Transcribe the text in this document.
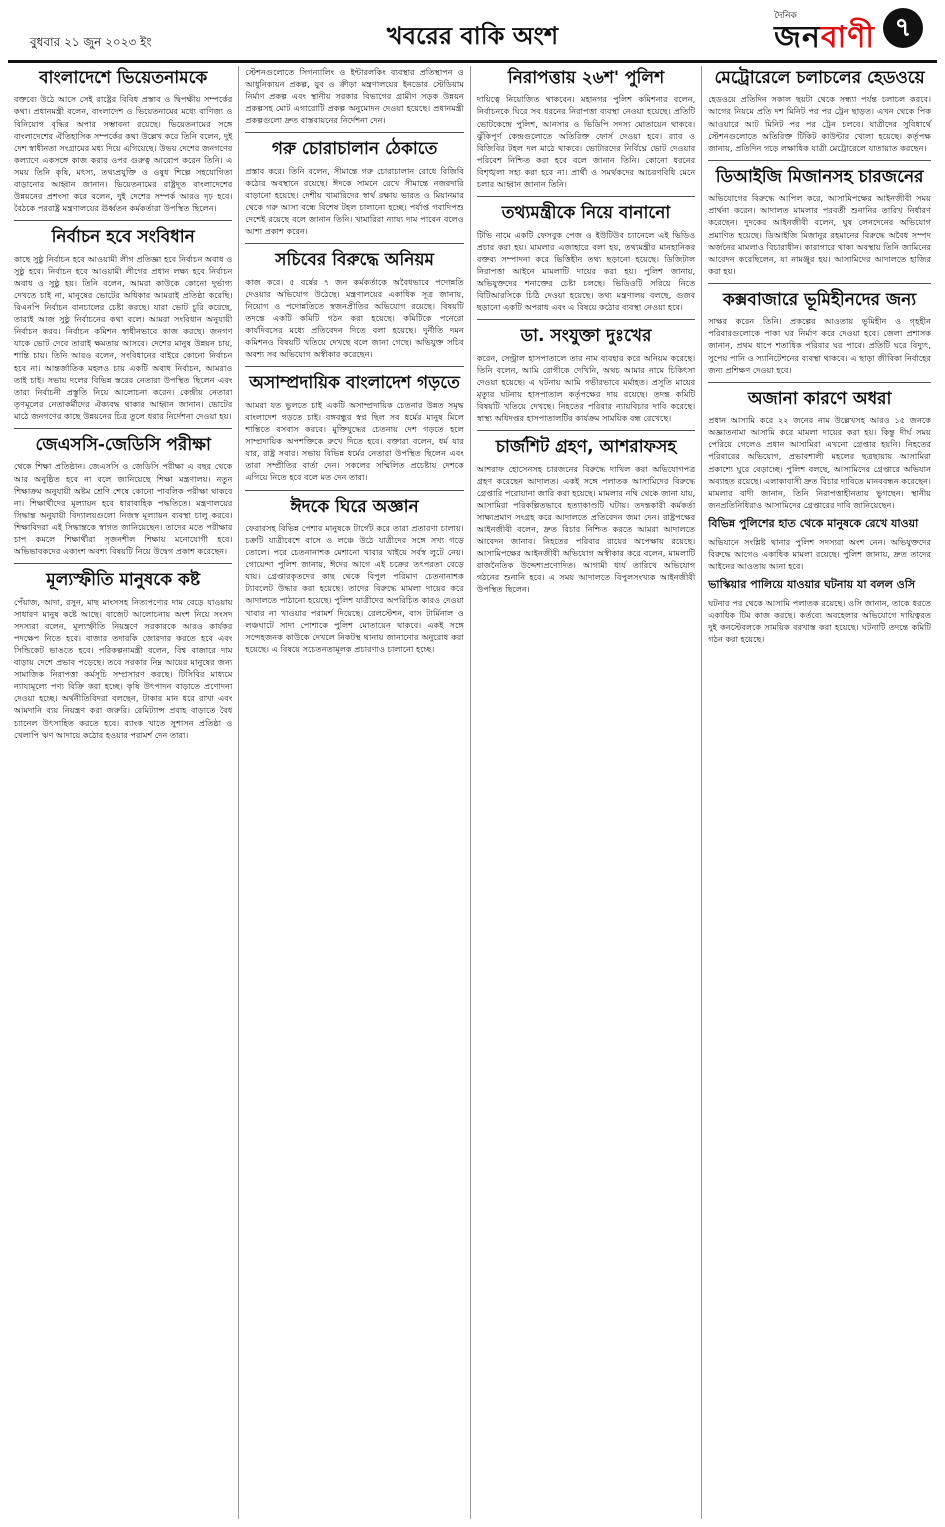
বুধবার ২১ জুন ২০২৩ ইং	খবরের বাকি অংশ
দৈনিক
জনবাণী ৭
বাংলাদেশে ভিয়েতনামকে

বক্তব্যে উঠে আসে সেই রাষ্ট্রের বিবিধ প্রস্তাব ও দ্বিপক্ষীয় সম্পর্কের কথা। প্রধানমন্ত্রী বলেন, বাংলাদেশ ও ভিয়েতনামের মধ্যে বাণিজ্য ও বিনিয়োগ বৃদ্ধির অপার সম্ভাবনা রয়েছে। ভিয়েতনামের সঙ্গে বাংলাদেশের ঐতিহাসিক সম্পর্কের কথা উল্লেখ করে তিনি বলেন, দুই দেশ স্বাধীনতা সংগ্রামের মধ্য দিয়ে এগিয়েছে। উভয় দেশের জনগণের কল্যাণে একসঙ্গে কাজ করার ওপর গুরুত্ব আরোপ করেন তিনি। এ সময় তিনি কৃষি, মৎস্য, তথ্যপ্রযুক্তি ও ওষুধ শিল্পে সহযোগিতা বাড়ানোর আহ্বান জানান। ভিয়েতনামের রাষ্ট্রদূত বাংলাদেশের উন্নয়নের প্রশংসা করে বলেন, দুই দেশের সম্পর্ক আরও দৃঢ় হবে। বৈঠকে পররাষ্ট্র মন্ত্রণালয়ের ঊর্ধ্বতন কর্মকর্তারা উপস্থিত ছিলেন।

নির্বাচন হবে সংবিধান

কাছে সুষ্ঠু নির্বাচন হবে আওয়ামী লীগ প্রতিজ্ঞা হবে নির্বাচন অবাধ ও সুষ্ঠু হবে। নির্বাচন হবে আওয়ামী লীগের প্রধান লক্ষ্য হবে নির্বাচন অবাধ ও সুষ্ঠু হয়। তিনি বলেন, আমরা কাউকে কোনো দুর্ভাগ্য দেখতে চাই না, মানুষের ভোটের অধিকার আমরাই প্রতিষ্ঠা করেছি। বিএনপি নির্বাচন বানচালের চেষ্টা করছে। যারা ভোট চুরি করেছে, তারাই আজ সুষ্ঠু নির্বাচনের কথা বলে। আমরা সংবিধান অনুযায়ী নির্বাচন করব। নির্বাচন কমিশন স্বাধীনভাবে কাজ করছে। জনগণ যাকে ভোট দেবে তারাই ক্ষমতায় আসবে। দেশের মানুষ উন্নয়ন চায়, শান্তি চায়। তিনি আরও বলেন, সংবিধানের বাইরে কোনো নির্বাচন হবে না। আন্তর্জাতিক মহলও চায় একটি অবাধ নির্বাচন, আমরাও তাই চাই। সভায় দলের বিভিন্ন স্তরের নেতারা উপস্থিত ছিলেন এবং তারা নির্বাচনী প্রস্তুতি নিয়ে আলোচনা করেন। কেন্দ্রীয় নেতারা তৃণমূলের নেতাকর্মীদের ঐক্যবদ্ধ থাকার আহ্বান জানান। ভোটের মাঠে জনগণের কাছে উন্নয়নের চিত্র তুলে ধরার নির্দেশনা দেওয়া হয়।

জেএসসি-জেডিসি পরীক্ষা

থেকে শিক্ষা প্রতিষ্ঠান। জেএসসি ও জেডিসি পরীক্ষা এ বছর থেকে আর অনুষ্ঠিত হবে না বলে জানিয়েছে শিক্ষা মন্ত্রণালয়। নতুন শিক্ষাক্রম অনুযায়ী অষ্টম শ্রেণি শেষে কোনো পাবলিক পরীক্ষা থাকবে না। শিক্ষার্থীদের মূল্যায়ন হবে ধারাবাহিক পদ্ধতিতে। মন্ত্রণালয়ের সিদ্ধান্ত অনুযায়ী বিদ্যালয়গুলো নিজস্ব মূল্যায়ন ব্যবস্থা চালু করবে। শিক্ষাবিদরা এই সিদ্ধান্তকে স্বাগত জানিয়েছেন। তাদের মতে পরীক্ষার চাপ কমলে শিক্ষার্থীরা সৃজনশীল শিক্ষায় মনোযোগী হবে। অভিভাবকদের একাংশ অবশ্য বিষয়টি নিয়ে উদ্বেগ প্রকাশ করেছেন।

মূল্যস্ফীতি মানুষকে কষ্ট

পেঁয়াজ, আদা, রসুন, মাছ মাংসসহ নিত্যপণ্যের দাম বেড়ে যাওয়ায় সাধারণ মানুষ কষ্টে আছে। বাজেট আলোচনায় অংশ নিয়ে সংসদ সদস্যরা বলেন, মূল্যস্ফীতি নিয়ন্ত্রণে সরকারকে আরও কার্যকর পদক্ষেপ নিতে হবে। বাজার তদারকি জোরদার করতে হবে এবং সিন্ডিকেট ভাঙতে হবে। পরিকল্পনামন্ত্রী বলেন, বিশ্ব বাজারে দাম বাড়ায় দেশে প্রভাব পড়েছে। তবে সরকার নিম্ন আয়ের মানুষের জন্য সামাজিক নিরাপত্তা কর্মসূচি সম্প্রসারণ করছে। টিসিবির মাধ্যমে ন্যায্যমূল্যে পণ্য বিক্রি করা হচ্ছে। কৃষি উৎপাদন বাড়াতে প্রণোদনা দেওয়া হচ্ছে। অর্থনীতিবিদরা বলছেন, টাকার মান ধরে রাখা এবং আমদানি ব্যয় নিয়ন্ত্রণ করা জরুরি। রেমিট্যান্স প্রবাহ বাড়াতে বৈধ চ্যানেল উৎসাহিত করতে হবে। ব্যাংক খাতে সুশাসন প্রতিষ্ঠা ও খেলাপি ঋণ আদায়ে কঠোর হওয়ার পরামর্শ দেন তারা।

স্টেশনগুলোতে সিগন্যালিং ও ইন্টারলকিং ব্যবস্থার প্রতিস্থাপন ও আধুনিকায়ন প্রকল্প, যুব ও ক্রীড়া মন্ত্রণালয়ের ইনডোর স্টেডিয়াম নির্মাণ প্রকল্প এবং স্থানীয় সরকার বিভাগের গ্রামীণ সড়ক উন্নয়ন প্রকল্পসহ মোট এগারোটি প্রকল্প অনুমোদন দেওয়া হয়েছে। প্রধানমন্ত্রী প্রকল্পগুলো দ্রুত বাস্তবায়নের নির্দেশনা দেন।

গরু চোরাচালান ঠেকাতে

প্রস্তাব করে। তিনি বলেন, সীমান্তে গরু চোরাচালান রোধে বিজিবি কঠোর অবস্থানে রয়েছে। ঈদকে সামনে রেখে সীমান্তে নজরদারি বাড়ানো হয়েছে। দেশীয় খামারিদের স্বার্থ রক্ষায় ভারত ও মিয়ানমার থেকে গরু আসা বন্ধে বিশেষ টহল চালানো হচ্ছে। পর্যাপ্ত গবাদিপশু দেশেই রয়েছে বলে জানান তিনি। খামারিরা ন্যায্য দাম পাবেন বলেও আশা প্রকাশ করেন।

সচিবের বিরুদ্ধে অনিয়ম

কাজ করে। ৫ বর্ষের ৭ জন কর্মকর্তাকে অবৈধভাবে পদোন্নতি দেওয়ার অভিযোগ উঠেছে। মন্ত্রণালয়ের একাধিক সূত্র জানায়, নিয়োগ ও পদোন্নতিতে স্বজনপ্রীতির অভিযোগ রয়েছে। বিষয়টি তদন্তে একটি কমিটি গঠন করা হয়েছে। কমিটিকে পনেরো কার্যদিবসের মধ্যে প্রতিবেদন দিতে বলা হয়েছে। দুর্নীতি দমন কমিশনও বিষয়টি খতিয়ে দেখছে বলে জানা গেছে। অভিযুক্ত সচিব অবশ্য সব অভিযোগ অস্বীকার করেছেন।

অসাম্প্রদায়িক বাংলাদেশ গড়তে

আমরা যত ভুলতে চাই একটি অসাম্প্রদায়িক চেতনার উন্নত সমৃদ্ধ বাংলাদেশ গড়তে চাই। বঙ্গবন্ধুর স্বপ্ন ছিল সব ধর্মের মানুষ মিলে শান্তিতে বসবাস করবে। মুক্তিযুদ্ধের চেতনায় দেশ গড়তে হলে সাম্প্রদায়িক অপশক্তিকে রুখে দিতে হবে। বক্তারা বলেন, ধর্ম যার যার, রাষ্ট্র সবার। সভায় বিভিন্ন ধর্মের নেতারা উপস্থিত ছিলেন এবং তারা সম্প্রীতির বার্তা দেন। সকলের সম্মিলিত প্রচেষ্টায় দেশকে এগিয়ে নিতে হবে বলে মত দেন তারা।

ঈদকে ঘিরে অজ্ঞান

ফেরারসহ বিভিন্ন পেশার মানুষকে টার্গেট করে তারা প্রতারণা চালায়। চক্রটি যাত্রীবেশে বাসে ও লঞ্চে উঠে যাত্রীদের সঙ্গে সখ্য গড়ে তোলে। পরে চেতনানাশক মেশানো খাবার খাইয়ে সর্বস্ব লুটে নেয়। গোয়েন্দা পুলিশ জানায়, ঈদের আগে এই চক্রের তৎপরতা বেড়ে যায়। গ্রেপ্তারকৃতদের কাছ থেকে বিপুল পরিমাণ চেতনানাশক ট্যাবলেট উদ্ধার করা হয়েছে। তাদের বিরুদ্ধে মামলা দায়ের করে আদালতে পাঠানো হয়েছে। পুলিশ যাত্রীদের অপরিচিত কারও দেওয়া খাবার না খাওয়ার পরামর্শ দিয়েছে। রেলস্টেশন, বাস টার্মিনাল ও লঞ্চঘাটে সাদা পোশাকে পুলিশ মোতায়েন থাকবে। একই সঙ্গে সন্দেহজনক কাউকে দেখলে নিকটস্থ থানায় জানানোর অনুরোধ করা হয়েছে। এ বিষয়ে সচেতনতামূলক প্রচারণাও চালানো হচ্ছে।

নিরাপত্তায় ২৬শ' পুলিশ

দায়িত্বে নিয়োজিত থাকবেন। মহানগর পুলিশ কমিশনার বলেন, নির্বাচনকে ঘিরে সব ধরনের নিরাপত্তা ব্যবস্থা নেওয়া হয়েছে। প্রতিটি ভোটকেন্দ্রে পুলিশ, আনসার ও ভিডিপি সদস্য মোতায়েন থাকবে। ঝুঁকিপূর্ণ কেন্দ্রগুলোতে অতিরিক্ত ফোর্স দেওয়া হবে। র‌্যাব ও বিজিবির টহল দল মাঠে থাকবে। ভোটারদের নির্বিঘ্নে ভোট দেওয়ার পরিবেশ নিশ্চিত করা হবে বলে জানান তিনি। কোনো ধরনের বিশৃঙ্খলা সহ্য করা হবে না। প্রার্থী ও সমর্থকদের আচরণবিধি মেনে চলার আহ্বান জানান তিনি।

তথ্যমন্ত্রীকে নিয়ে বানানো

টিভি নামে একটি ফেসবুক পেজ ও ইউটিউব চ্যানেলে এই ভিডিও প্রচার করা হয়। মামলার এজাহারে বলা হয়, তথ্যমন্ত্রীর মানহানিকর বক্তব্য সম্পাদনা করে ভিত্তিহীন তথ্য ছড়ানো হয়েছে। ডিজিটাল নিরাপত্তা আইনে মামলাটি দায়ের করা হয়। পুলিশ জানায়, অভিযুক্তদের শনাক্তের চেষ্টা চলছে। ভিডিওটি সরিয়ে নিতে বিটিআরসিকে চিঠি দেওয়া হয়েছে। তথ্য মন্ত্রণালয় বলছে, গুজব ছড়ানো একটি অপরাধ এবং এ বিষয়ে কঠোর ব্যবস্থা নেওয়া হবে।

ডা. সংযুক্তা দুঃখের

করেন, সেন্ট্রাল হাসপাতালে তার নাম ব্যবহার করে অনিয়ম করেছে। তিনি বলেন, আমি রোগীকে দেখিনি, অথচ আমার নামে চিকিৎসা দেওয়া হয়েছে। এ ঘটনায় আমি গভীরভাবে মর্মাহত। প্রসূতি মায়ের মৃত্যুর ঘটনায় হাসপাতাল কর্তৃপক্ষের দায় রয়েছে। তদন্ত কমিটি বিষয়টি খতিয়ে দেখছে। নিহতের পরিবার ন্যায়বিচার দাবি করেছে। স্বাস্থ্য অধিদপ্তর হাসপাতালটির কার্যক্রম সাময়িক বন্ধ রেখেছে।

চার্জশিট গ্রহণ, আশরাফসহ

আশরাফ হোসেনসহ চারজনের বিরুদ্ধে দাখিল করা অভিযোগপত্র গ্রহণ করেছেন আদালত। একই সঙ্গে পলাতক আসামিদের বিরুদ্ধে গ্রেপ্তারি পরোয়ানা জারি করা হয়েছে। মামলার নথি থেকে জানা যায়, আসামিরা পরিকল্পিতভাবে হত্যাকাণ্ডটি ঘটায়। তদন্তকারী কর্মকর্তা সাক্ষ্যপ্রমাণ সংগ্রহ করে আদালতে প্রতিবেদন জমা দেন। রাষ্ট্রপক্ষের আইনজীবী বলেন, দ্রুত বিচার নিশ্চিত করতে আমরা আদালতে আবেদন জানাব। নিহতের পরিবার রায়ের অপেক্ষায় রয়েছে। আসামিপক্ষের আইনজীবী অভিযোগ অস্বীকার করে বলেন, মামলাটি রাজনৈতিক উদ্দেশ্যপ্রণোদিত। আগামী ধার্য তারিখে অভিযোগ গঠনের শুনানি হবে। এ সময় আদালতে বিপুলসংখ্যক আইনজীবী উপস্থিত ছিলেন।

মেট্রোরেলে চলাচলের হেডওয়ে

হেডওয়ে প্রতিদিন সকাল ছয়টা থেকে সন্ধ্যা পর্যন্ত চলাচল করবে। আগের নিয়মে প্রতি দশ মিনিট পর পর ট্রেন ছাড়ত। এখন থেকে পিক আওয়ারে আট মিনিট পর পর ট্রেন চলবে। যাত্রীদের সুবিধার্থে স্টেশনগুলোতে অতিরিক্ত টিকিট কাউন্টার খোলা হয়েছে। কর্তৃপক্ষ জানায়, প্রতিদিন গড়ে লক্ষাধিক যাত্রী মেট্রোরেলে যাতায়াত করছেন।

ডিআইজি মিজানসহ চারজনের

অভিযোগের বিরুদ্ধে আপিল করে, আসামিপক্ষের আইনজীবী সময় প্রার্থনা করেন। আদালত মামলার পরবর্তী শুনানির তারিখ নির্ধারণ করেছেন। দুদকের আইনজীবী বলেন, ঘুষ লেনদেনের অভিযোগ প্রমাণিত হয়েছে। ডিআইজি মিজানুর রহমানের বিরুদ্ধে অবৈধ সম্পদ অর্জনের মামলাও বিচারাধীন। কারাগারে থাকা অবস্থায় তিনি জামিনের আবেদন করেছিলেন, যা নামঞ্জুর হয়। আসামিদের আদালতে হাজির করা হয়।

কক্সবাজারে ভূমিহীনদের জন্য

সাক্ষর করেন তিনি। প্রকল্পের আওতায় ভূমিহীন ও গৃহহীন পরিবারগুলোকে পাকা ঘর নির্মাণ করে দেওয়া হবে। জেলা প্রশাসক জানান, প্রথম ধাপে শতাধিক পরিবার ঘর পাবে। প্রতিটি ঘরে বিদ্যুৎ, সুপেয় পানি ও স্যানিটেশনের ব্যবস্থা থাকবে। এ ছাড়া জীবিকা নির্বাহের জন্য প্রশিক্ষণ দেওয়া হবে।

অজানা কারণে অধরা

প্রধান আসামি করে ২২ জনের নাম উল্লেখসহ আরও ১৫ জনকে অজ্ঞাতনামা আসামি করে মামলা দায়ের করা হয়। কিন্তু দীর্ঘ সময় পেরিয়ে গেলেও প্রধান আসামিরা এখনো গ্রেপ্তার হয়নি। নিহতের পরিবারের অভিযোগ, প্রভাবশালী মহলের ছত্রছায়ায় আসামিরা প্রকাশ্যে ঘুরে বেড়াচ্ছে। পুলিশ বলছে, আসামিদের গ্রেপ্তারে অভিযান অব্যাহত রয়েছে। এলাকাবাসী দ্রুত বিচার দাবিতে মানববন্ধন করেছেন। মামলার বাদী জানান, তিনি নিরাপত্তাহীনতায় ভুগছেন। স্থানীয় জনপ্রতিনিধিরাও আসামিদের গ্রেপ্তারের দাবি জানিয়েছেন।

বিভিন্ন পুলিশের হাত থেকে মানুষকে রেখে যাওয়া

অভিযানে সংশ্লিষ্ট থানার পুলিশ সদস্যরা অংশ নেন। অভিযুক্তদের বিরুদ্ধে আগেও একাধিক মামলা রয়েছে। পুলিশ জানায়, দ্রুত তাদের আইনের আওতায় আনা হবে।

ভাস্কিয়ার পালিয়ে যাওয়ার ঘটনায় যা বলল ওসি

ঘটনার পর থেকে আসামি পলাতক রয়েছে। ওসি জানান, তাকে ধরতে একাধিক টিম কাজ করছে। কর্তব্যে অবহেলার অভিযোগে দায়িত্বরত দুই কনস্টেবলকে সাময়িক বরখাস্ত করা হয়েছে। ঘটনাটি তদন্তে কমিটি গঠন করা হয়েছে।
